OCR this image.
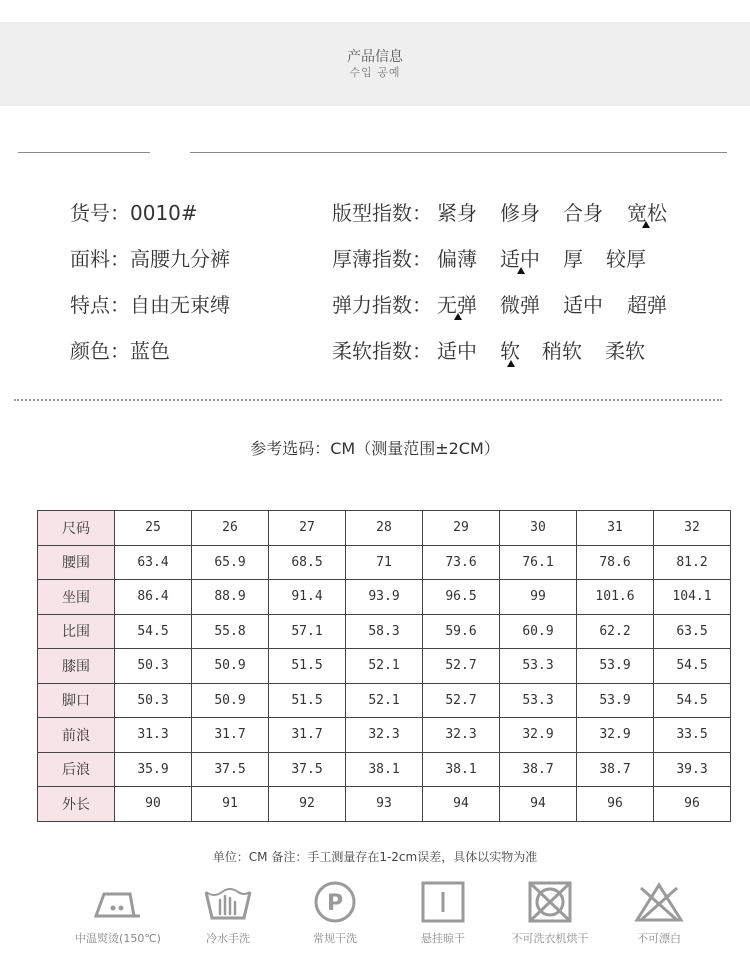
产品信息
수입 공예
货号：0010#
面料：高腰九分裤
特点：自由无束缚
颜色：蓝色
版型指数： 紧身 修身 合身 宽松
厚薄指数： 偏薄 适中 厚 较厚
弹力指数： 无弹 微弹 适中 超弹
柔软指数： 适中 软 稍软 柔软
参考选码：CM（测量范围±2CM）
尺码	25	26	27	28	29	30	31	32
腰围	63.4	65.9	68.5	71	73.6	76.1	78.6	81.2
坐围	86.4	88.9	91.4	93.9	96.5	99	101.6	104.1
比围	54.5	55.8	57.1	58.3	59.6	60.9	62.2	63.5
膝围	50.3	50.9	51.5	52.1	52.7	53.3	53.9	54.5
脚口	50.3	50.9	51.5	52.1	52.7	53.3	53.9	54.5
前浪	31.3	31.7	31.7	32.3	32.3	32.9	32.9	33.5
后浪	35.9	37.5	37.5	38.1	38.1	38.7	38.7	39.3
外长	90	91	92	93	94	94	96	96
单位：CM 备注：手工测量存在1-2cm误差，具体以实物为准
中温熨烫(150℃)	冷水手洗
P
常规干洗	悬挂晾干	不可洗衣机烘干	不可漂白
